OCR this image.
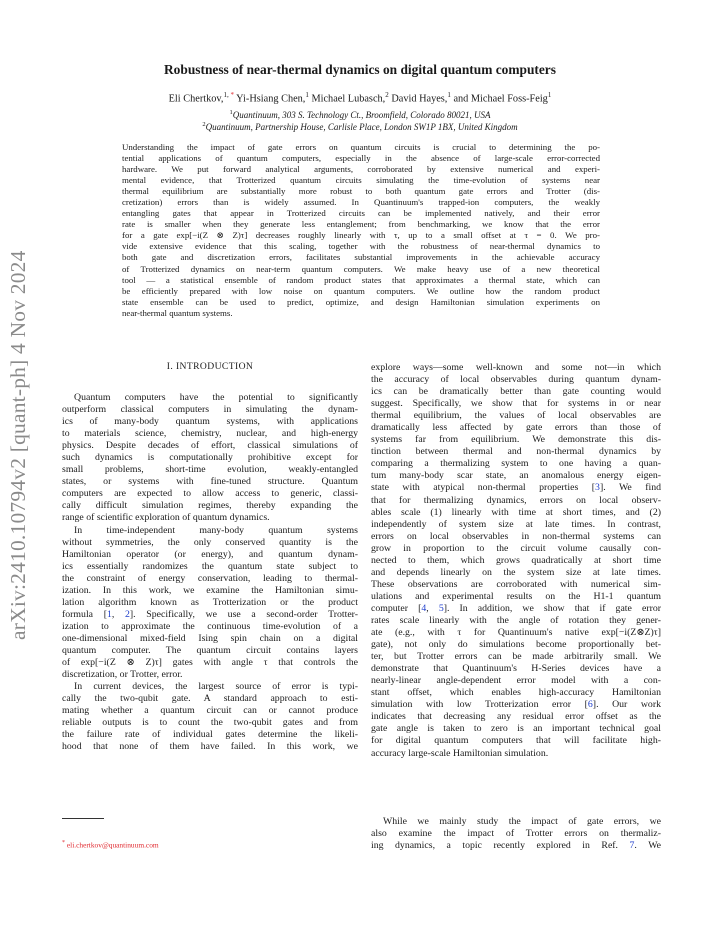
arXiv:2410.10794v2 [quant-ph] 4 Nov 2024
Robustness of near-thermal dynamics on digital quantum computers
Eli Chertkov,$^{1, *}$ Yi-Hsiang Chen,$^1$ Michael Lubasch,$^2$ David Hayes,$^1$ and Michael Foss-Feig$^1$
$^1$Quantinuum, 303 S. Technology Ct., Broomfield, Colorado 80021, USA
$^2$Quantinuum, Partnership House, Carlisle Place, London SW1P 1BX, United Kingdom
Understanding the impact of gate errors on quantum circuits is crucial to determining the po-
tential applications of quantum computers, especially in the absence of large-scale error-corrected
hardware. We put forward analytical arguments, corroborated by extensive numerical and experi-
mental evidence, that Trotterized quantum circuits simulating the time-evolution of systems near
thermal equilibrium are substantially more robust to both quantum gate errors and Trotter (dis-
cretization) errors than is widely assumed. In Quantinuum's trapped-ion computers, the weakly
entangling gates that appear in Trotterized circuits can be implemented natively, and their error
rate is smaller when they generate less entanglement; from benchmarking, we know that the error
for a gate exp[−i(Z ⊗ Z)τ] decreases roughly linearly with τ, up to a small offset at τ = 0. We pro-
vide extensive evidence that this scaling, together with the robustness of near-thermal dynamics to
both gate and discretization errors, facilitates substantial improvements in the achievable accuracy
of Trotterized dynamics on near-term quantum computers. We make heavy use of a new theoretical
tool — a statistical ensemble of random product states that approximates a thermal state, which can
be efficiently prepared with low noise on quantum computers. We outline how the random product
state ensemble can be used to predict, optimize, and design Hamiltonian simulation experiments on
near-thermal quantum systems.
I. INTRODUCTION
Quantum computers have the potential to significantly
outperform classical computers in simulating the dynam-
ics of many-body quantum systems, with applications
to materials science, chemistry, nuclear, and high-energy
physics. Despite decades of effort, classical simulations of
such dynamics is computationally prohibitive except for
small problems, short-time evolution, weakly-entangled
states, or systems with fine-tuned structure. Quantum
computers are expected to allow access to generic, classi-
cally difficult simulation regimes, thereby expanding the
range of scientific exploration of quantum dynamics.
In time-independent many-body quantum systems
without symmetries, the only conserved quantity is the
Hamiltonian operator (or energy), and quantum dynam-
ics essentially randomizes the quantum state subject to
the constraint of energy conservation, leading to thermal-
ization. In this work, we examine the Hamiltonian simu-
lation algorithm known as Trotterization or the product
formula [1, 2]. Specifically, we use a second-order Trotter-
ization to approximate the continuous time-evolution of a
one-dimensional mixed-field Ising spin chain on a digital
quantum computer. The quantum circuit contains layers
of exp[−i(Z ⊗ Z)τ] gates with angle τ that controls the
discretization, or Trotter, error.
In current devices, the largest source of error is typi-
cally the two-qubit gate. A standard approach to esti-
mating whether a quantum circuit can or cannot produce
reliable outputs is to count the two-qubit gates and from
the failure rate of individual gates determine the likeli-
hood that none of them have failed. In this work, we
explore ways—some well-known and some not—in which
the accuracy of local observables during quantum dynam-
ics can be dramatically better than gate counting would
suggest. Specifically, we show that for systems in or near
thermal equilibrium, the values of local observables are
dramatically less affected by gate errors than those of
systems far from equilibrium. We demonstrate this dis-
tinction between thermal and non-thermal dynamics by
comparing a thermalizing system to one having a quan-
tum many-body scar state, an anomalous energy eigen-
state with atypical non-thermal properties [3]. We find
that for thermalizing dynamics, errors on local observ-
ables scale (1) linearly with time at short times, and (2)
independently of system size at late times. In contrast,
errors on local observables in non-thermal systems can
grow in proportion to the circuit volume causally con-
nected to them, which grows quadratically at short time
and depends linearly on the system size at late times.
These observations are corroborated with numerical sim-
ulations and experimental results on the H1-1 quantum
computer [4, 5]. In addition, we show that if gate error
rates scale linearly with the angle of rotation they gener-
ate (e.g., with τ for Quantinuum's native exp[−i(Z⊗Z)τ]
gate), not only do simulations become proportionally bet-
ter, but Trotter errors can be made arbitrarily small. We
demonstrate that Quantinuum's H-Series devices have a
nearly-linear angle-dependent error model with a con-
stant offset, which enables high-accuracy Hamiltonian
simulation with low Trotterization error [6]. Our work
indicates that decreasing any residual error offset as the
gate angle is taken to zero is an important technical goal
for digital quantum computers that will facilitate high-
accuracy large-scale Hamiltonian simulation.
While we mainly study the impact of gate errors, we
also examine the impact of Trotter errors on thermaliz-
ing dynamics, a topic recently explored in Ref. 7. We
* eli.chertkov@quantinuum.com
